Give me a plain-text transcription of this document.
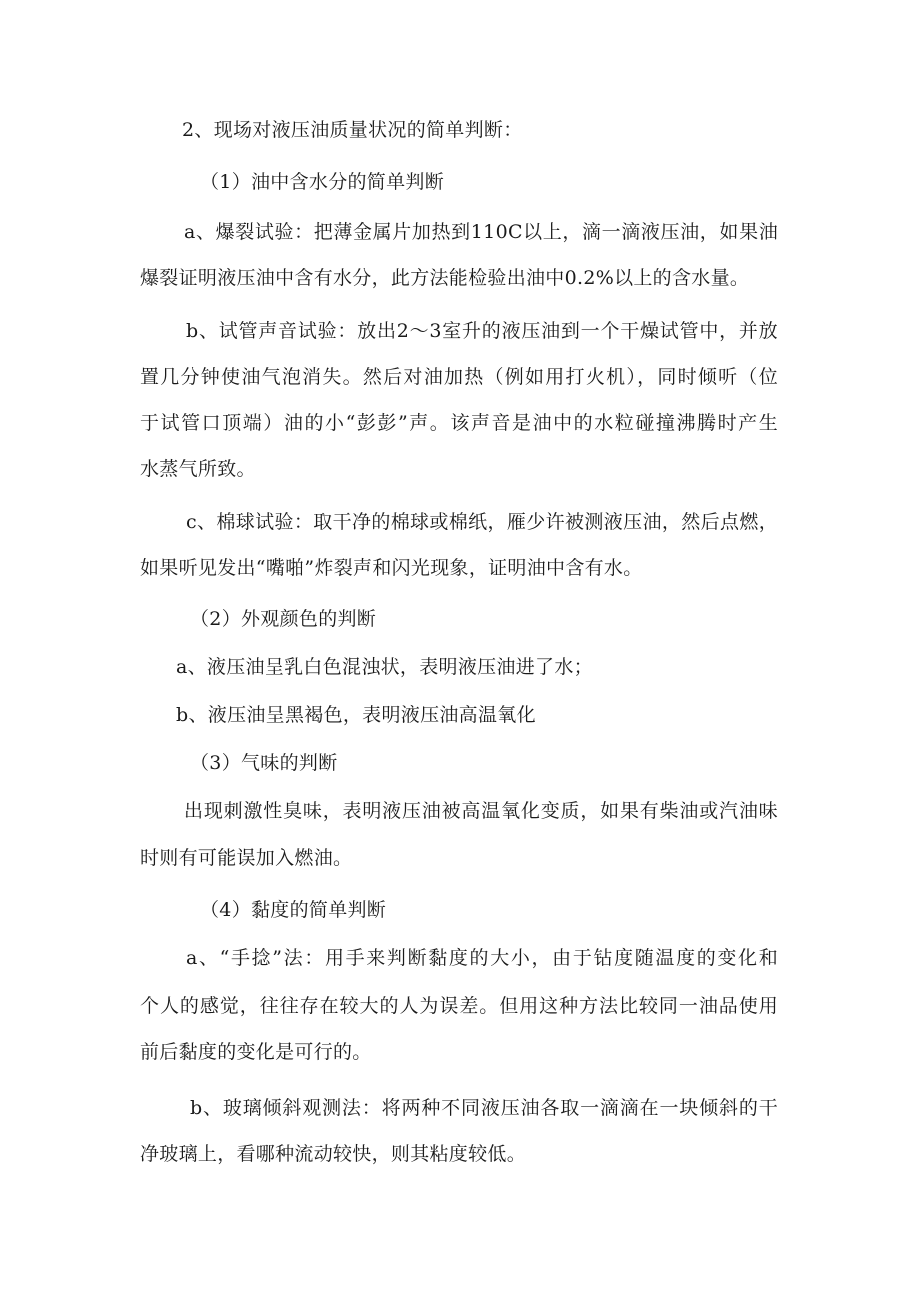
2、现场对液压油质量状况的简单判断：
（1）油中含水分的简单判断
a、爆裂试验：把薄金属片加热到110C以上，滴一滴液压油，如果油
爆裂证明液压油中含有水分，此方法能检验出油中0.2%以上的含水量。
b、试管声音试验：放出2～3室升的液压油到一个干燥试管中，并放
置几分钟使油气泡消失。然后对油加热（例如用打火机），同时倾听（位
于试管口顶端）油的小“彭彭”声。该声音是油中的水粒碰撞沸腾时产生
水蒸气所致。
c、棉球试验：取干净的棉球或棉纸，雁少许被测液压油，然后点燃，
如果听见发出“嘴啪”炸裂声和闪光现象，证明油中含有水。
（2）外观颜色的判断
a、液压油呈乳白色混浊状，表明液压油进了水；
b、液压油呈黑褐色，表明液压油高温氧化
（3）气味的判断
出现刺激性臭味，表明液压油被高温氧化变质，如果有柴油或汽油味
时则有可能误加入燃油。
（4）黏度的简单判断
a、“手捻”法：用手来判断黏度的大小，由于钻度随温度的变化和
个人的感觉，往往存在较大的人为误差。但用这种方法比较同一油品使用
前后黏度的变化是可行的。
b、玻璃倾斜观测法：将两种不同液压油各取一滴滴在一块倾斜的干
净玻璃上，看哪种流动较快，则其粘度较低。
